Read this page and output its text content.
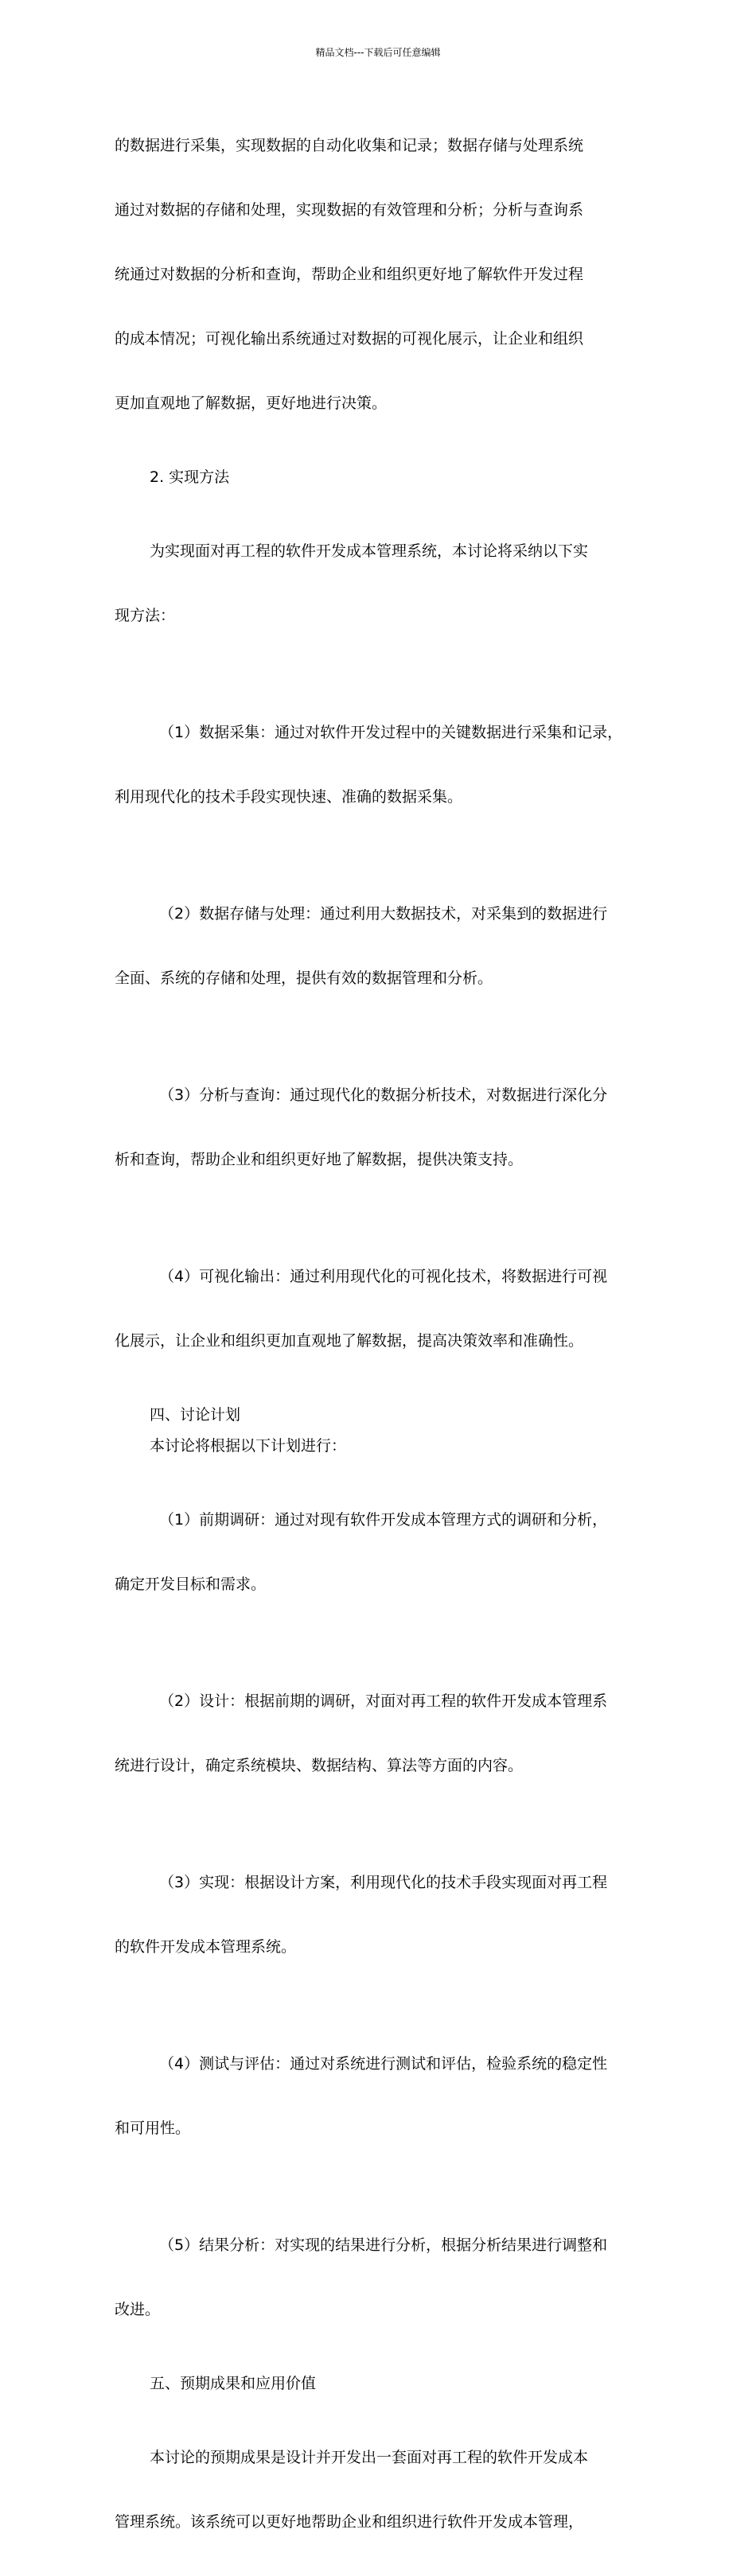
精品文档---下载后可任意编辑

的数据进行采集，实现数据的自动化收集和记录；数据存储与处理系统

通过对数据的存储和处理，实现数据的有效管理和分析；分析与查询系

统通过对数据的分析和查询，帮助企业和组织更好地了解软件开发过程

的成本情况；可视化输出系统通过对数据的可视化展示，让企业和组织

更加直观地了解数据，更好地进行决策。

2. 实现方法

为实现面对再工程的软件开发成本管理系统，本讨论将采纳以下实

现方法：

（1）数据采集：通过对软件开发过程中的关键数据进行采集和记录，

利用现代化的技术手段实现快速、准确的数据采集。

（2）数据存储与处理：通过利用大数据技术，对采集到的数据进行

全面、系统的存储和处理，提供有效的数据管理和分析。

（3）分析与查询：通过现代化的数据分析技术，对数据进行深化分

析和查询，帮助企业和组织更好地了解数据，提供决策支持。

（4）可视化输出：通过利用现代化的可视化技术，将数据进行可视

化展示，让企业和组织更加直观地了解数据，提高决策效率和准确性。

四、讨论计划

本讨论将根据以下计划进行：

（1）前期调研：通过对现有软件开发成本管理方式的调研和分析，

确定开发目标和需求。

（2）设计：根据前期的调研，对面对再工程的软件开发成本管理系

统进行设计，确定系统模块、数据结构、算法等方面的内容。

（3）实现：根据设计方案，利用现代化的技术手段实现面对再工程

的软件开发成本管理系统。

（4）测试与评估：通过对系统进行测试和评估，检验系统的稳定性

和可用性。

（5）结果分析：对实现的结果进行分析，根据分析结果进行调整和

改进。

五、预期成果和应用价值

本讨论的预期成果是设计并开发出一套面对再工程的软件开发成本

管理系统。该系统可以更好地帮助企业和组织进行软件开发成本管理，
